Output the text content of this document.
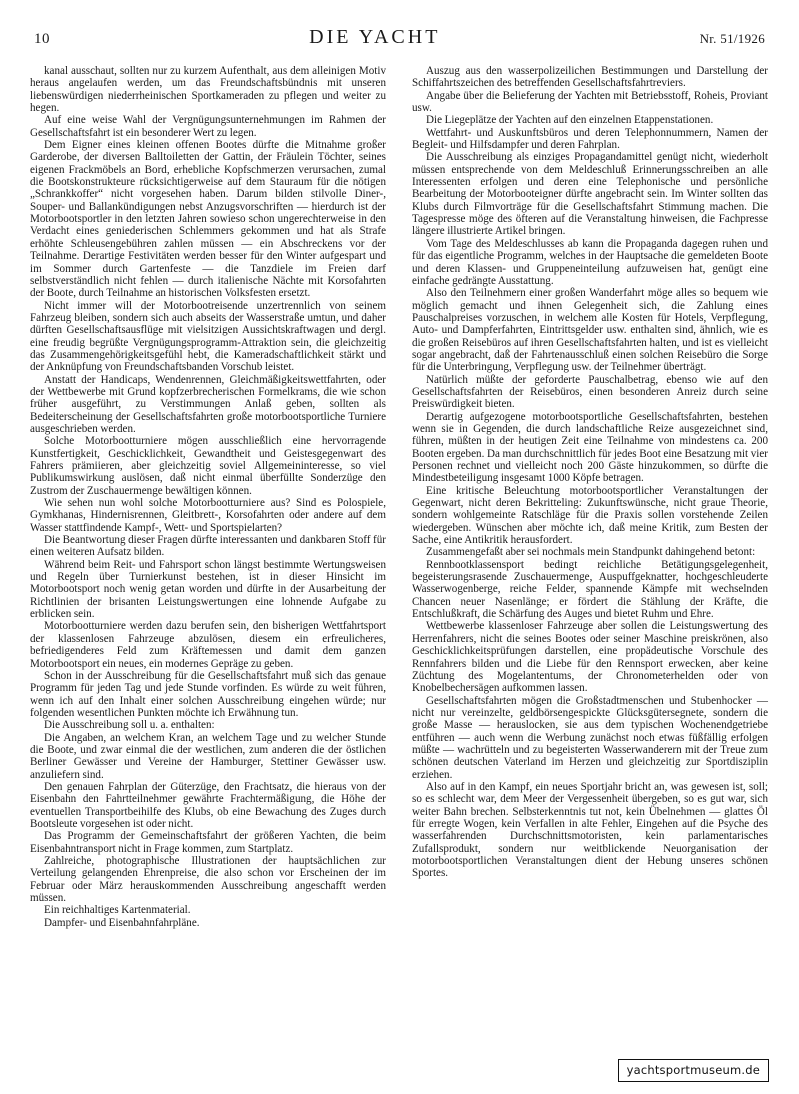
10	DIE YACHT	Nr. 51/1926

kanal ausschaut, sollten nur zu kurzem Aufenthalt, aus dem alleinigen Motiv heraus angelaufen werden, um das Freundschaftsbündnis mit unseren liebenswürdigen niederrheinischen Sportkameraden zu pflegen und weiter zu hegen.

Auf eine weise Wahl der Vergnügungsunternehmungen im Rahmen der Gesellschaftsfahrt ist ein besonderer Wert zu legen.

Dem Eigner eines kleinen offenen Bootes dürfte die Mitnahme großer Garderobe, der diversen Balltoiletten der Gattin, der Fräulein Töchter, seines eigenen Frackmöbels an Bord, erhebliche Kopfschmerzen verursachen, zumal die Bootskonstrukteure rücksichtigerweise auf dem Stauraum für die nötigen „Schrankkoffer“ nicht vorgesehen haben. Darum bilden stilvolle Diner-, Souper- und Ballankündigungen nebst Anzugsvorschriften — hierdurch ist der Motorbootsportler in den letzten Jahren sowieso schon ungerechterweise in den Verdacht eines geniederischen Schlemmers gekommen und hat als Strafe erhöhte Schleusengebühren zahlen müssen — ein Abschreckens vor der Teilnahme. Derartige Festivitäten werden besser für den Winter aufgespart und im Sommer durch Gartenfeste — die Tanzdiele im Freien darf selbstverständlich nicht fehlen — durch italienische Nächte mit Korsofahrten der Boote, durch Teilnahme an historischen Volksfesten ersetzt.

Nicht immer will der Motorbootreisende unzertrennlich von seinem Fahrzeug bleiben, sondern sich auch abseits der Wasserstraße umtun, und daher dürften Gesellschaftsausflüge mit vielsitzigen Aussichtskraftwagen und dergl. eine freudig begrüßte Vergnügungsprogramm-Attraktion sein, die gleichzeitig das Zusammengehörigkeitsgefühl hebt, die Kameradschaftlichkeit stärkt und der Anknüpfung von Freundschaftsbanden Vorschub leistet.

Anstatt der Handicaps, Wendenrennen, Gleichmäßigkeitswettfahrten, oder der Wettbewerbe mit Grund kopfzerbrecherischen Formelkrams, die wie schon früher ausgeführt, zu Verstimmungen Anlaß geben, sollten als Bedeiterscheinung der Gesellschaftsfahrten große motorbootsportliche Turniere ausgeschrieben werden.

Solche Motorbootturniere mögen ausschließlich eine hervorragende Kunstfertigkeit, Geschicklichkeit, Gewandtheit und Geistesgegenwart des Fahrers prämiieren, aber gleichzeitig soviel Allgemeininteresse, so viel Publikumswirkung auslösen, daß nicht einmal überfüllte Sonderzüge den Zustrom der Zuschauermenge bewältigen können.

Wie sehen nun wohl solche Motorbootturniere aus? Sind es Polospiele, Gymkhanas, Hindernisrennen, Gleitbrett-, Korsofahrten oder andere auf dem Wasser stattfindende Kampf-, Wett- und Sportspielarten?

Die Beantwortung dieser Fragen dürfte interessanten und dankbaren Stoff für einen weiteren Aufsatz bilden.

Während beim Reit- und Fahrsport schon längst bestimmte Wertungsweisen und Regeln über Turnierkunst bestehen, ist in dieser Hinsicht im Motorbootsport noch wenig getan worden und dürfte in der Ausarbeitung der Richtlinien der brisanten Leistungswertungen eine lohnende Aufgabe zu erblicken sein.

Motorbootturniere werden dazu berufen sein, den bisherigen Wettfahrtsport der klassenlosen Fahrzeuge abzulösen, diesem ein erfreulicheres, befriedigenderes Feld zum Kräftemessen und damit dem ganzen Motorbootsport ein neues, ein modernes Gepräge zu geben.

Schon in der Ausschreibung für die Gesellschaftsfahrt muß sich das genaue Programm für jeden Tag und jede Stunde vorfinden. Es würde zu weit führen, wenn ich auf den Inhalt einer solchen Ausschreibung eingehen würde; nur folgenden wesentlichen Punkten möchte ich Erwähnung tun.

Die Ausschreibung soll u. a. enthalten:

Die Angaben, an welchem Kran, an welchem Tage und zu welcher Stunde die Boote, und zwar einmal die der westlichen, zum anderen die der östlichen Berliner Gewässer und Vereine der Hamburger, Stettiner Gewässer usw. anzuliefern sind.

Den genauen Fahrplan der Güterzüge, den Frachtsatz, die hieraus von der Eisenbahn den Fahrtteilnehmer gewährte Frachtermäßigung, die Höhe der eventuellen Transportbeihilfe des Klubs, ob eine Bewachung des Zuges durch Bootsleute vorgesehen ist oder nicht.

Das Programm der Gemeinschaftsfahrt der größeren Yachten, die beim Eisenbahntransport nicht in Frage kommen, zum Startplatz.

Zahlreiche, photographische Illustrationen der hauptsächlichen zur Verteilung gelangenden Ehrenpreise, die also schon vor Erscheinen der im Februar oder März herauskommenden Ausschreibung angeschafft werden müssen.

Ein reichhaltiges Kartenmaterial.

Dampfer- und Eisenbahnfahrpläne.

Auszug aus den wasserpolizeilichen Bestimmungen und Darstellung der Schiffahrtszeichen des betreffenden Gesellschaftsfahrtreviers.

Angabe über die Belieferung der Yachten mit Betriebsstoff, Roheis, Proviant usw.

Die Liegeplätze der Yachten auf den einzelnen Etappenstationen.

Wettfahrt- und Auskunftsbüros und deren Telephonnummern, Namen der Begleit- und Hilfsdampfer und deren Fahrplan.

Die Ausschreibung als einziges Propagandamittel genügt nicht, wiederholt müssen entsprechende von dem Meldeschluß Erinnerungsschreiben an alle Interessenten erfolgen und deren eine Telephonische und persönliche Bearbeitung der Motorbooteigner dürfte angebracht sein. Im Winter sollten das Klubs durch Filmvorträge für die Gesellschaftsfahrt Stimmung machen. Die Tagespresse möge des öfteren auf die Veranstaltung hinweisen, die Fachpresse längere illustrierte Artikel bringen.

Vom Tage des Meldeschlusses ab kann die Propaganda dagegen ruhen und für das eigentliche Programm, welches in der Hauptsache die gemeldeten Boote und deren Klassen- und Gruppeneinteilung aufzuweisen hat, genügt eine einfache gedrängte Ausstattung.

Also den Teilnehmern einer großen Wanderfahrt möge alles so bequem wie möglich gemacht und ihnen Gelegenheit sich, die Zahlung eines Pauschalpreises vorzuschen, in welchem alle Kosten für Hotels, Verpflegung, Auto- und Dampferfahrten, Eintrittsgelder usw. enthalten sind, ähnlich, wie es die großen Reisebüros auf ihren Gesellschaftsfahrten halten, und ist es vielleicht sogar angebracht, daß der Fahrtenausschluß einen solchen Reisebüro die Sorge für die Unterbringung, Verpflegung usw. der Teilnehmer überträgt.

Natürlich müßte der geforderte Pauschalbetrag, ebenso wie auf den Gesellschaftsfahrten der Reisebüros, einen besonderen Anreiz durch seine Preiswürdigkeit bieten.

Derartig aufgezogene motorbootsportliche Gesellschaftsfahrten, bestehen wenn sie in Gegenden, die durch landschaftliche Reize ausgezeichnet sind, führen, müßten in der heutigen Zeit eine Teilnahme von mindestens ca. 200 Booten ergeben. Da man durchschnittlich für jedes Boot eine Besatzung mit vier Personen rechnet und vielleicht noch 200 Gäste hinzukommen, so dürfte die Mindestbeteiligung insgesamt 1000 Köpfe betragen.

Eine kritische Beleuchtung motorbootsportlicher Veranstaltungen der Gegenwart, nicht deren Bekritteling: Zukunftswünsche, nicht graue Theorie, sondern wohlgemeinte Ratschläge für die Praxis sollen vorstehende Zeilen wiedergeben. Wünschen aber möchte ich, daß meine Kritik, zum Besten der Sache, eine Antikritik herausfordert.

Zusammengefaßt aber sei nochmals mein Standpunkt dahingehend betont:

Rennbootklassensport bedingt reichliche Betätigungsgelegenheit, begeisterungsrasende Zuschauermenge, Auspuffgeknatter, hochgeschleuderte Wasserwogenberge, reiche Felder, spannende Kämpfe mit wechselnden Chancen neuer Nasenlänge; er fördert die Stählung der Kräfte, die Entschlußkraft, die Schärfung des Auges und bietet Ruhm und Ehre.

Wettbewerbe klassenloser Fahrzeuge aber sollen die Leistungswertung des Herrenfahrers, nicht die seines Bootes oder seiner Maschine preiskrönen, also Geschicklichkeitsprüfungen darstellen, eine propädeutische Vorschule des Rennfahrers bilden und die Liebe für den Rennsport erwecken, aber keine Züchtung des Mogelantentums, der Chronometerhelden oder von Knobelbechersägen aufkommen lassen.

Gesellschaftsfahrten mögen die Großstadtmenschen und Stubenhocker — nicht nur vereinzelte, geldbörsengespickte Glücksgütersegnete, sondern die große Masse — herauslocken, sie aus dem typischen Wochenendgetriebe entführen — auch wenn die Werbung zunächst noch etwas füßfällig erfolgen müßte — wachrütteln und zu begeisterten Wasserwanderern mit der Treue zum schönen deutschen Vaterland im Herzen und gleichzeitig zur Sportdisziplin erziehen.

Also auf in den Kampf, ein neues Sportjahr bricht an, was gewesen ist, soll; so es schlecht war, dem Meer der Vergessenheit übergeben, so es gut war, sich weiter Bahn brechen. Selbsterkenntnis tut not, kein Übelnehmen — glattes Öl für erregte Wogen, kein Verfallen in alte Fehler, Eingehen auf die Psyche des wasserfahrenden Durchschnittsmotoristen, kein parlamentarisches Zufallsprodukt, sondern nur weitblickende Neuorganisation der motorbootsportlichen Veranstaltungen dient der Hebung unseres schönen Sportes.

yachtsportmuseum.de
